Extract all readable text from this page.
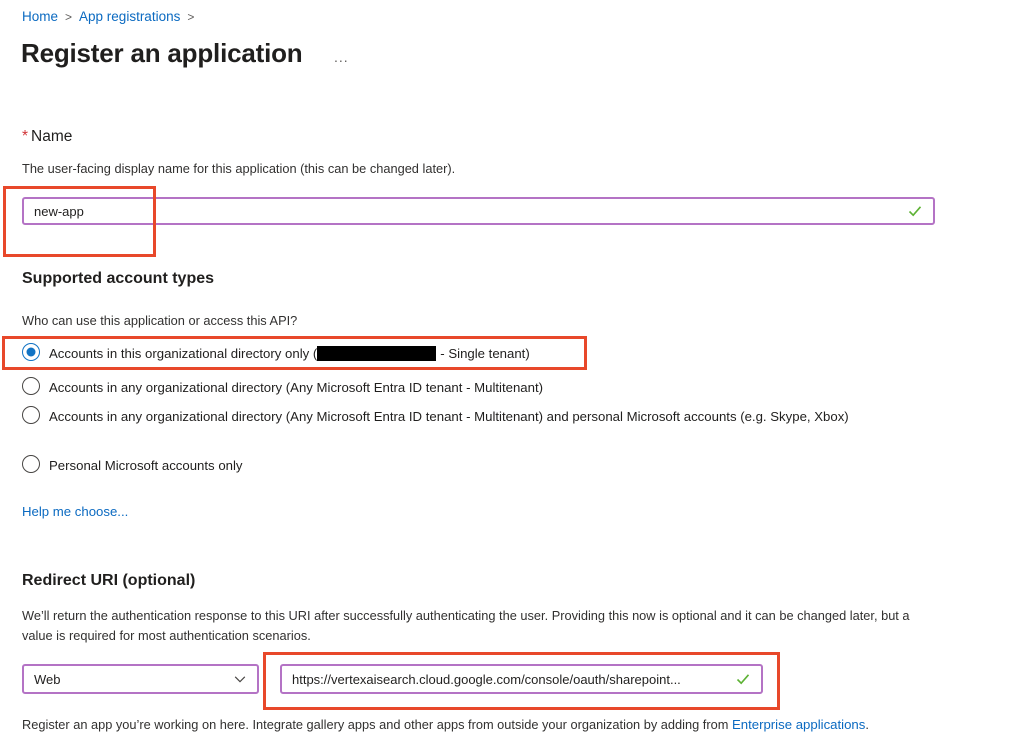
Home > App registrations >
Register an application ...
* Name
The user-facing display name for this application (this can be changed later).
new-app
Supported account types
Who can use this application or access this API?
Accounts in this organizational directory only (	- Single tenant)
Accounts in any organizational directory (Any Microsoft Entra ID tenant - Multitenant)
Accounts in any organizational directory (Any Microsoft Entra ID tenant - Multitenant) and personal Microsoft accounts (e.g. Skype, Xbox)
Personal Microsoft accounts only
Help me choose...
Redirect URI (optional)
We’ll return the authentication response to this URI after successfully authenticating the user. Providing this now is optional and it can be changed later, but a value is required for most authentication scenarios.
Web	https://vertexaisearch.cloud.google.com/console/oauth/sharepoint...
Register an app you’re working on here. Integrate gallery apps and other apps from outside your organization by adding from Enterprise applications.
